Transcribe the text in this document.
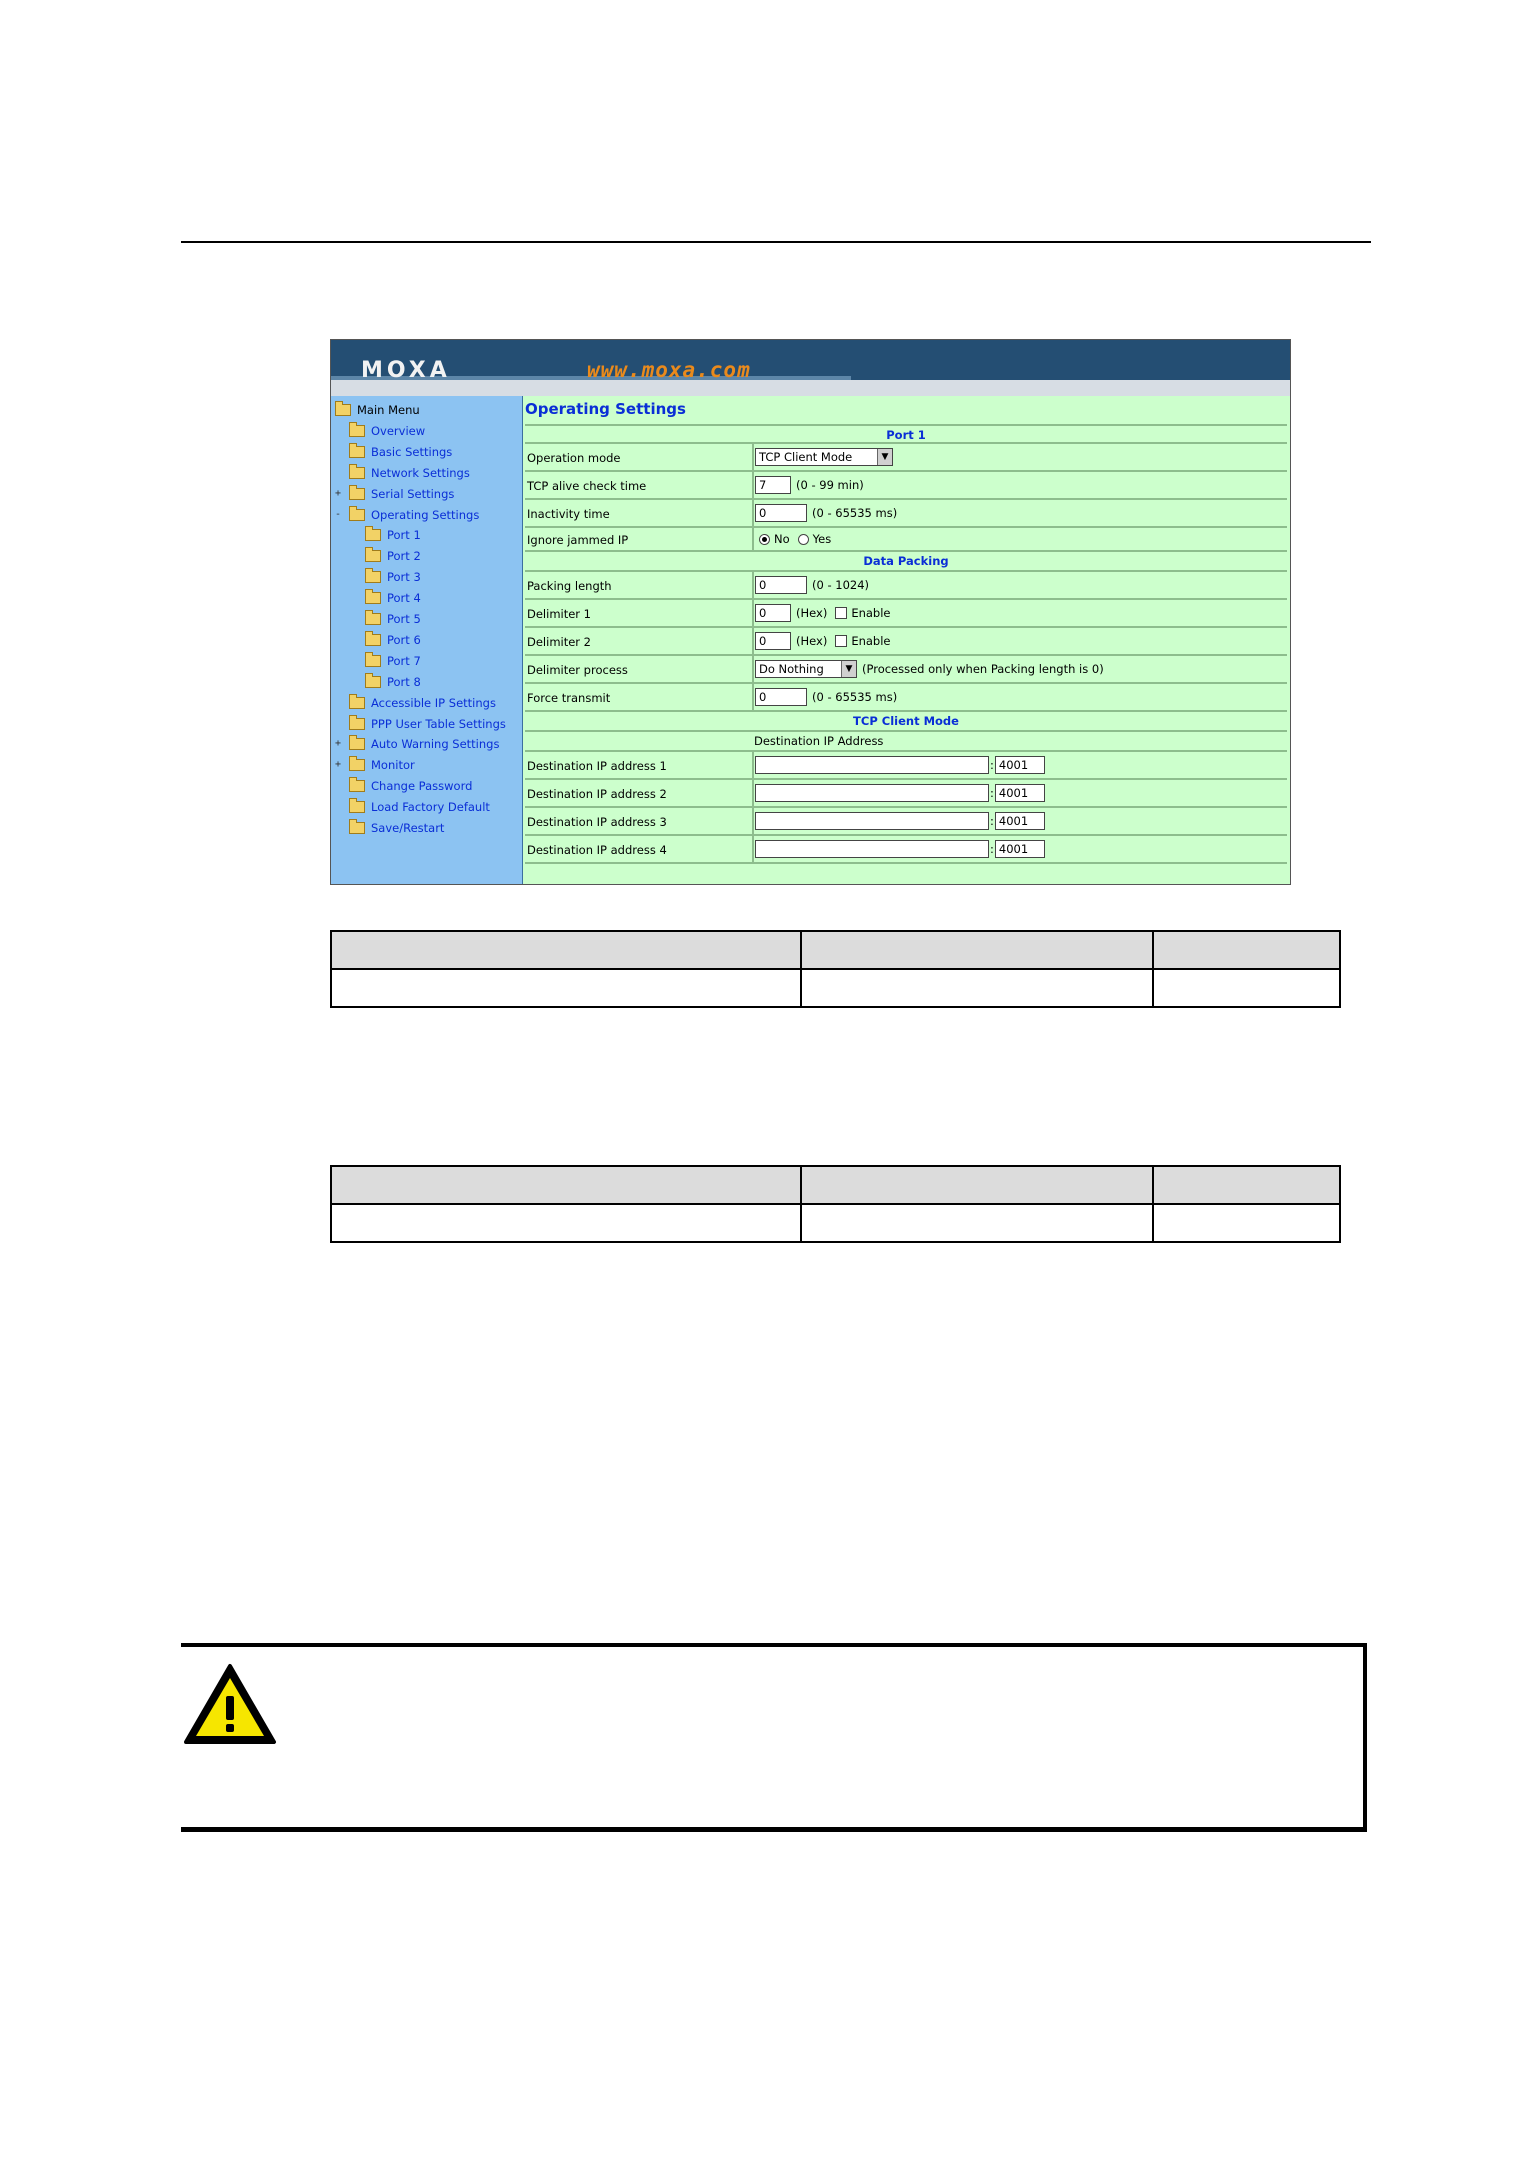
MOXA	www.moxa.com
Main Menu
Overview
Basic Settings
Network Settings
+	Serial Settings
-	Operating Settings
Port 1
Port 2
Port 3
Port 4
Port 5
Port 6
Port 7
Port 8
Accessible IP Settings
PPP User Table Settings
+	Auto Warning Settings
+	Monitor
Change Password
Load Factory Default
Save/Restart
Operating Settings
Port 1
Operation mode	TCP Client Mode	▼
TCP alive check time	7	(0 - 99 min)
Inactivity time	0	(0 - 65535 ms)
Ignore jammed IP	No Yes
Data Packing
Packing length	0	(0 - 1024)
Delimiter 1	0	(Hex) Enable
Delimiter 2	0	(Hex) Enable
Delimiter process	Do Nothing	▼ (Processed only when Packing length is 0)
Force transmit	0	(0 - 65535 ms)
TCP Client Mode
Destination IP Address
Destination IP address 1	: 4001
Destination IP address 2	: 4001
Destination IP address 3	: 4001
Destination IP address 4	: 4001
